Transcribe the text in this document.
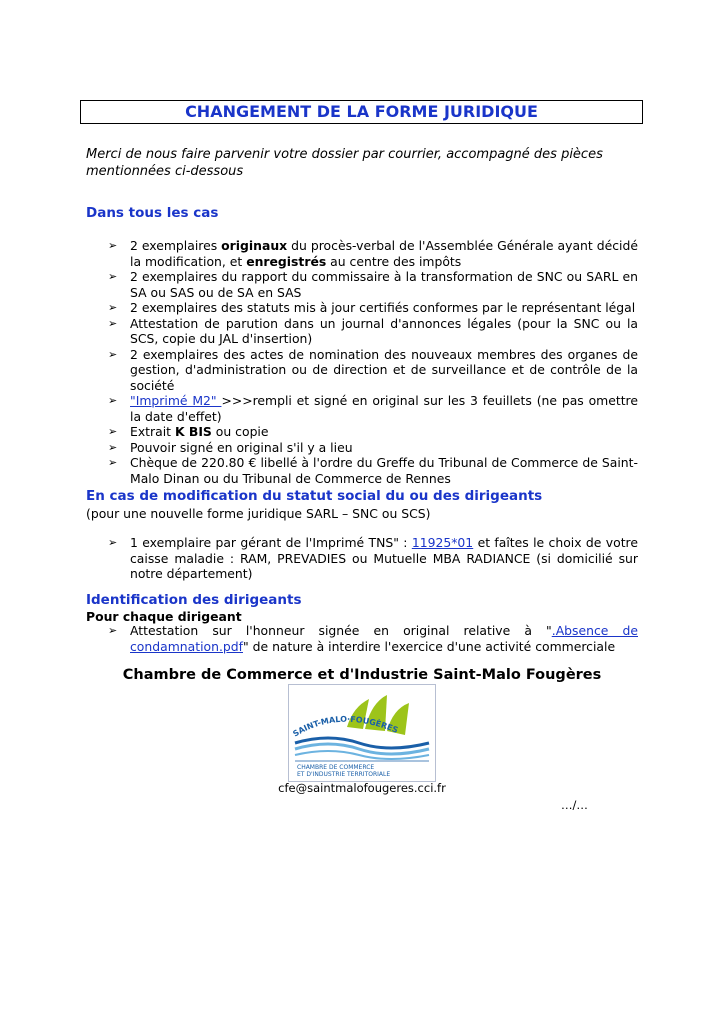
CHANGEMENT DE LA FORME JURIDIQUE
Merci de nous faire parvenir votre dossier par courrier, accompagné des pièces mentionnées ci-dessous
Dans tous les cas
➢ 2 exemplaires originaux du procès-verbal de l'Assemblée Générale ayant décidé la modification, et enregistrés au centre des impôts
➢ 2 exemplaires du rapport du commissaire à la transformation de SNC ou SARL en SA ou SAS ou de SA en SAS
➢ 2 exemplaires des statuts mis à jour certifiés conformes par le représentant légal
➢ Attestation de parution dans un journal d'annonces légales (pour la SNC ou la SCS, copie du JAL d'insertion)
➢ 2 exemplaires des actes de nomination des nouveaux membres des organes de gestion, d'administration ou de direction et de surveillance et de contrôle de la société
➢ "Imprimé M2" >>>rempli et signé en original sur les 3 feuillets (ne pas omettre la date d'effet)
➢ Extrait K BIS ou copie
➢ Pouvoir signé en original s'il y a lieu
➢ Chèque de 220.80 € libellé à l'ordre du Greffe du Tribunal de Commerce de Saint-Malo Dinan ou du Tribunal de Commerce de Rennes
En cas de modification du statut social du ou des dirigeants
(pour une nouvelle forme juridique SARL – SNC ou SCS)
➢ 1 exemplaire par gérant de l'Imprimé TNS" : 11925*01 et faîtes le choix de votre caisse maladie : RAM, PREVADIES ou Mutuelle MBA RADIANCE (si domicilié sur notre département)
Identification des dirigeants
Pour chaque dirigeant
➢ Attestation sur l'honneur signée en original relative à ".Absence de condamnation.pdf" de nature à interdire l'exercice d'une activité commerciale
Chambre de Commerce et d'Industrie Saint-Malo Fougères
SAINT-MALO·FOUGÈRES
CHAMBRE DE COMMERCE
ET D'INDUSTRIE TERRITORIALE
cfe@saintmalofougeres.cci.fr
…/…
